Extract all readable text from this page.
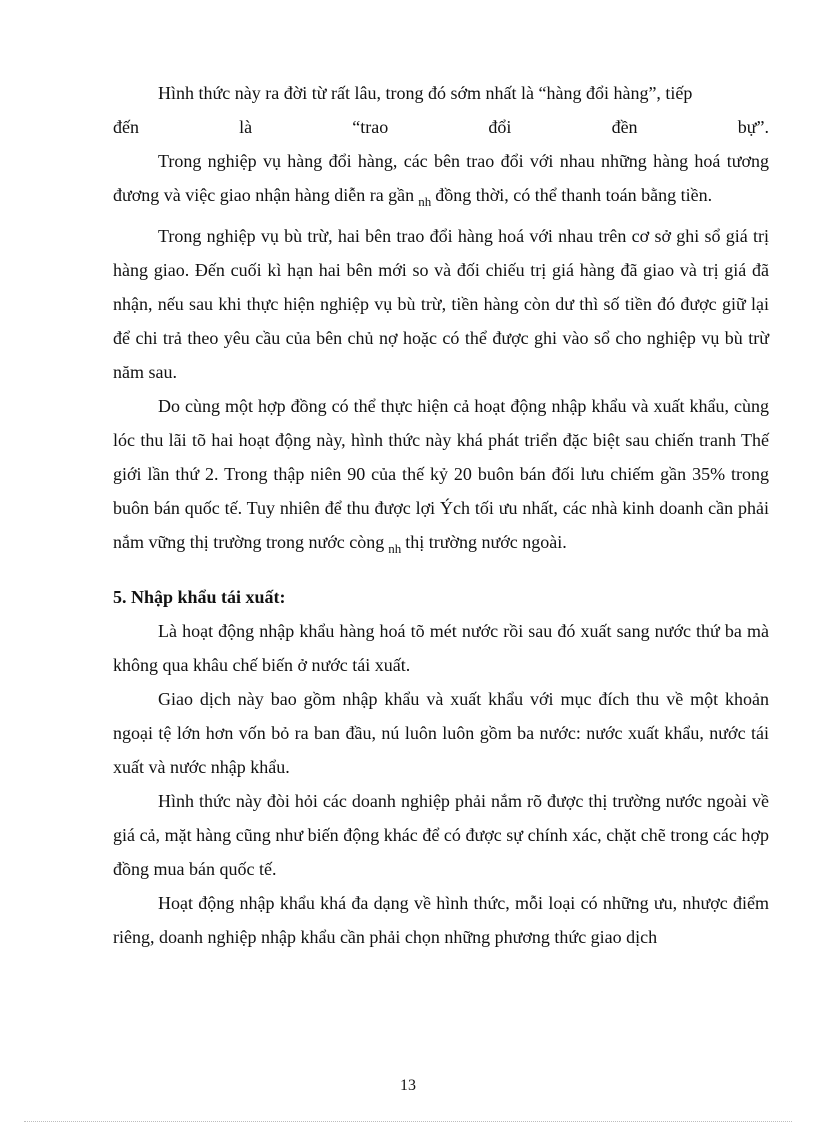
Hình thức này ra đời từ rất lâu, trong đó sớm nhất là “hàng đổi hàng”, tiếp

đến	là	“trao	đổi	đền	bự”.

Trong nghiệp vụ hàng đổi hàng, các bên trao đổi với nhau những hàng hoá tương đương và việc giao nhận hàng diễn ra gần $_{nh}$ đồng thời, có thể thanh toán bằng tiền.

Trong nghiệp vụ bù trừ, hai bên trao đổi hàng hoá với nhau trên cơ sở ghi sổ giá trị hàng giao. Đến cuối kì hạn hai bên mới so và đối chiếu trị giá hàng đã giao và trị giá đã nhận, nếu sau khi thực hiện nghiệp vụ bù trừ, tiền hàng còn dư thì số tiền đó được giữ lại để chi trả theo yêu cầu của bên chủ nợ hoặc có thể được ghi vào sổ cho nghiệp vụ bù trừ năm sau.

Do cùng một hợp đồng có thể thực hiện cả hoạt động nhập khẩu và xuất khẩu, cùng lóc thu lãi tõ hai hoạt động này, hình thức này khá phát triển đặc biệt sau chiến tranh Thế giới lần thứ 2. Trong thập niên 90 của thế kỷ 20 buôn bán đối lưu chiếm gần 35% trong buôn bán quốc tế. Tuy nhiên để thu được lợi Ých tối ưu nhất, các nhà kinh doanh cần phải nắm vững thị trường trong nước còng $_{nh}$ thị trường nước ngoài.

5. Nhập khẩu tái xuất:

Là hoạt động nhập khẩu hàng hoá tõ mét nước rồi sau đó xuất sang nước thứ ba mà không qua khâu chế biến ở nước tái xuất.

Giao dịch này bao gồm nhập khẩu và xuất khẩu với mục đích thu về một khoản ngoại tệ lớn hơn vốn bỏ ra ban đầu, nú luôn luôn gồm ba nước: nước xuất khẩu, nước tái xuất và nước nhập khẩu.

Hình thức này đòi hỏi các doanh nghiệp phải nắm rõ được thị trường nước ngoài về giá cả, mặt hàng cũng như biến động khác để có được sự chính xác, chặt chẽ trong các hợp đồng mua bán quốc tế.

Hoạt động nhập khẩu khá đa dạng về hình thức, mỗi loại có những ưu, nhược điểm riêng, doanh nghiệp nhập khẩu cần phải chọn những phương thức giao dịch

13
